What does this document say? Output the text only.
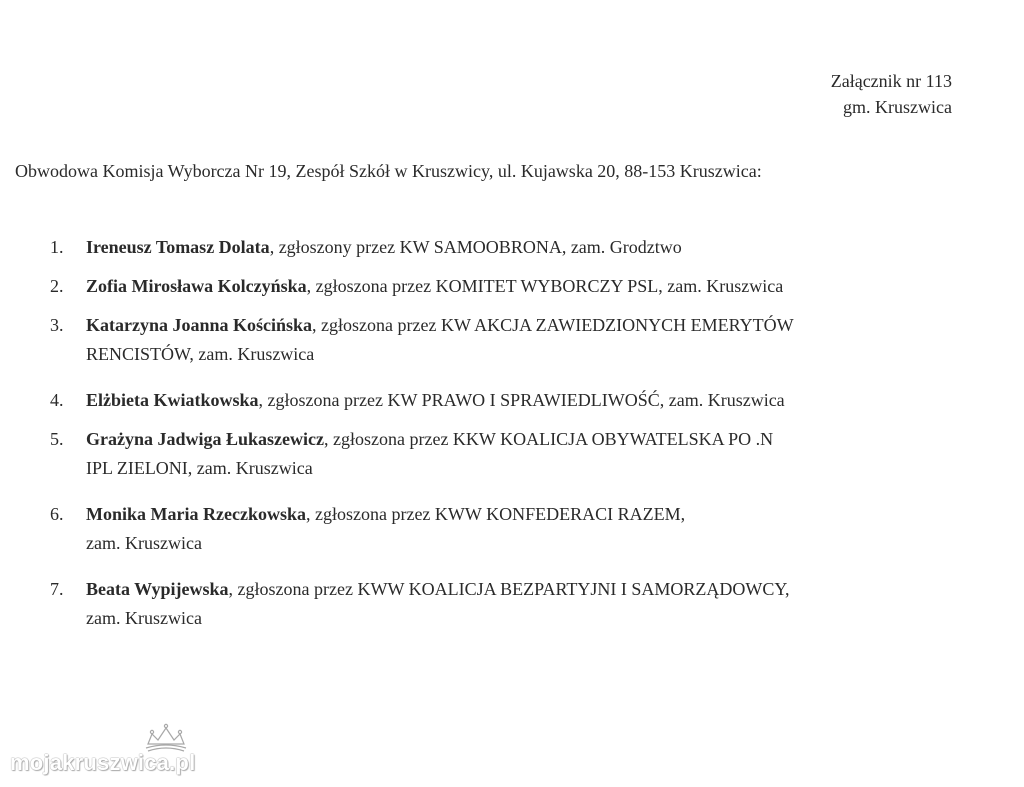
Załącznik nr 113
gm. Kruszwica
Obwodowa Komisja Wyborcza Nr 19, Zespół Szkół w Kruszwicy, ul. Kujawska 20, 88-153 Kruszwica:
1. Ireneusz Tomasz Dolata, zgłoszony przez KW SAMOOBRONA, zam. Grodztwo
2. Zofia Mirosława Kolczyńska, zgłoszona przez KOMITET WYBORCZY PSL, zam. Kruszwica
3. Katarzyna Joanna Kościńska, zgłoszona przez KW AKCJA ZAWIEDZIONYCH EMERYTÓW
RENCISTÓW, zam. Kruszwica
4. Elżbieta Kwiatkowska, zgłoszona przez KW PRAWO I SPRAWIEDLIWOŚĆ, zam. Kruszwica
5. Grażyna Jadwiga Łukaszewicz, zgłoszona przez KKW KOALICJA OBYWATELSKA PO .N
IPL ZIELONI, zam. Kruszwica
6. Monika Maria Rzeczkowska, zgłoszona przez KWW KONFEDERACI RAZEM,
zam. Kruszwica
7. Beata Wypijewska, zgłoszona przez KWW KOALICJA BEZPARTYJNI I SAMORZĄDOWCY,
zam. Kruszwica
mojakruszwica.pl
